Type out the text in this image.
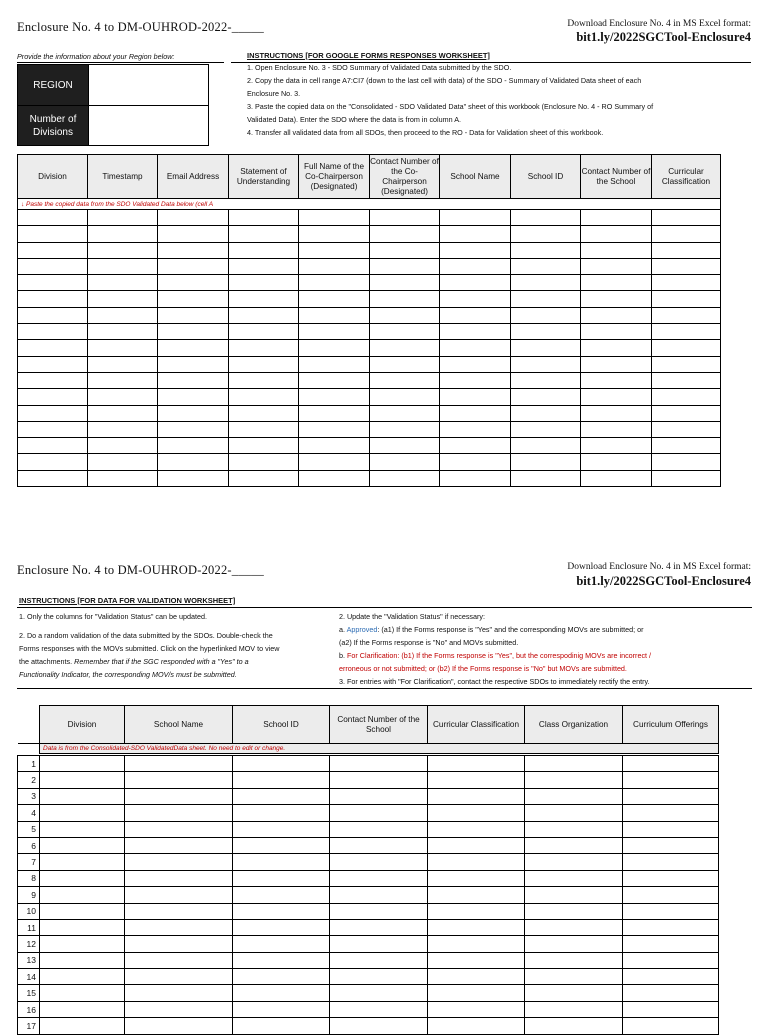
Enclosure No. 4 to DM-OUHROD-2022-_____	Download Enclosure No. 4 in MS Excel format:
bit1.ly/2022SGCTool-Enclosure4
Provide the information about your Region below:
REGION
Number of
Divisions
INSTRUCTIONS [FOR GOOGLE FORMS RESPONSES WORKSHEET]
1. Open Enclosure No. 3 - SDO Summary of Validated Data submitted by the SDO.
2. Copy the data in cell range A7:CI7 (down to the last cell with data) of the SDO - Summary of Validated Data sheet of each
Enclosure No. 3.
3. Paste the copied data on the "Consolidated - SDO Validated Data" sheet of this workbook (Enclosure No. 4 - RO Summary of
Validated Data). Enter the SDO where the data is from in column A.
4. Transfer all validated data from all SDOs, then proceed to the RO - Data for Validation sheet of this workbook.
Division	Timestamp	Email Address	Statement of Understanding	Full Name of the Co-Chairperson (Designated)	Contact Number of the Co-Chairperson (Designated)	School Name	School ID	Contact Number of the School	Curricular Classification
↓ Paste the copied data from the SDO Validated Data below (cell A									

Enclosure No. 4 to DM-OUHROD-2022-_____	Download Enclosure No. 4 in MS Excel format:
bit1.ly/2022SGCTool-Enclosure4
INSTRUCTIONS [FOR DATA FOR VALIDATION WORKSHEET]
1. Only the columns for "Validation Status" can be updated.
2. Do a random validation of the data submitted by the SDOs. Double-check the
Forms responses with the MOVs submitted. Click on the hyperlinked MOV to view
the attachments. Remember that if the SGC responded with a "Yes" to a
Functionality Indicator, the corresponding MOV/s must be submitted.
2. Update the "Validation Status" if necessary:
a. Approved: (a1) If the Forms response is "Yes" and the corresponding MOVs are submitted; or
(a2) If the Forms response is "No" and MOVs submitted.
b. For Clarification: (b1) If the Forms response is "Yes", but the correspodinig MOVs are incorrect /
erroneous or not submitted; or (b2) If the Forms response is "No" but MOVs are submitted.
3. For entries with "For Clarification", contact the respective SDOs to immediately rectify the entry.
	Division	School Name	School ID	Contact Number of the School	Curricular Classification	Class Organization	Curriculum Offerings
	Data is from the Consolidated-SDO ValidatedData sheet. No need to edit or change.						

1							
2							
3							
4							
5							
6							
7							
8							
9							
10							
11							
12							
13							
14							
15							
16							
17							
